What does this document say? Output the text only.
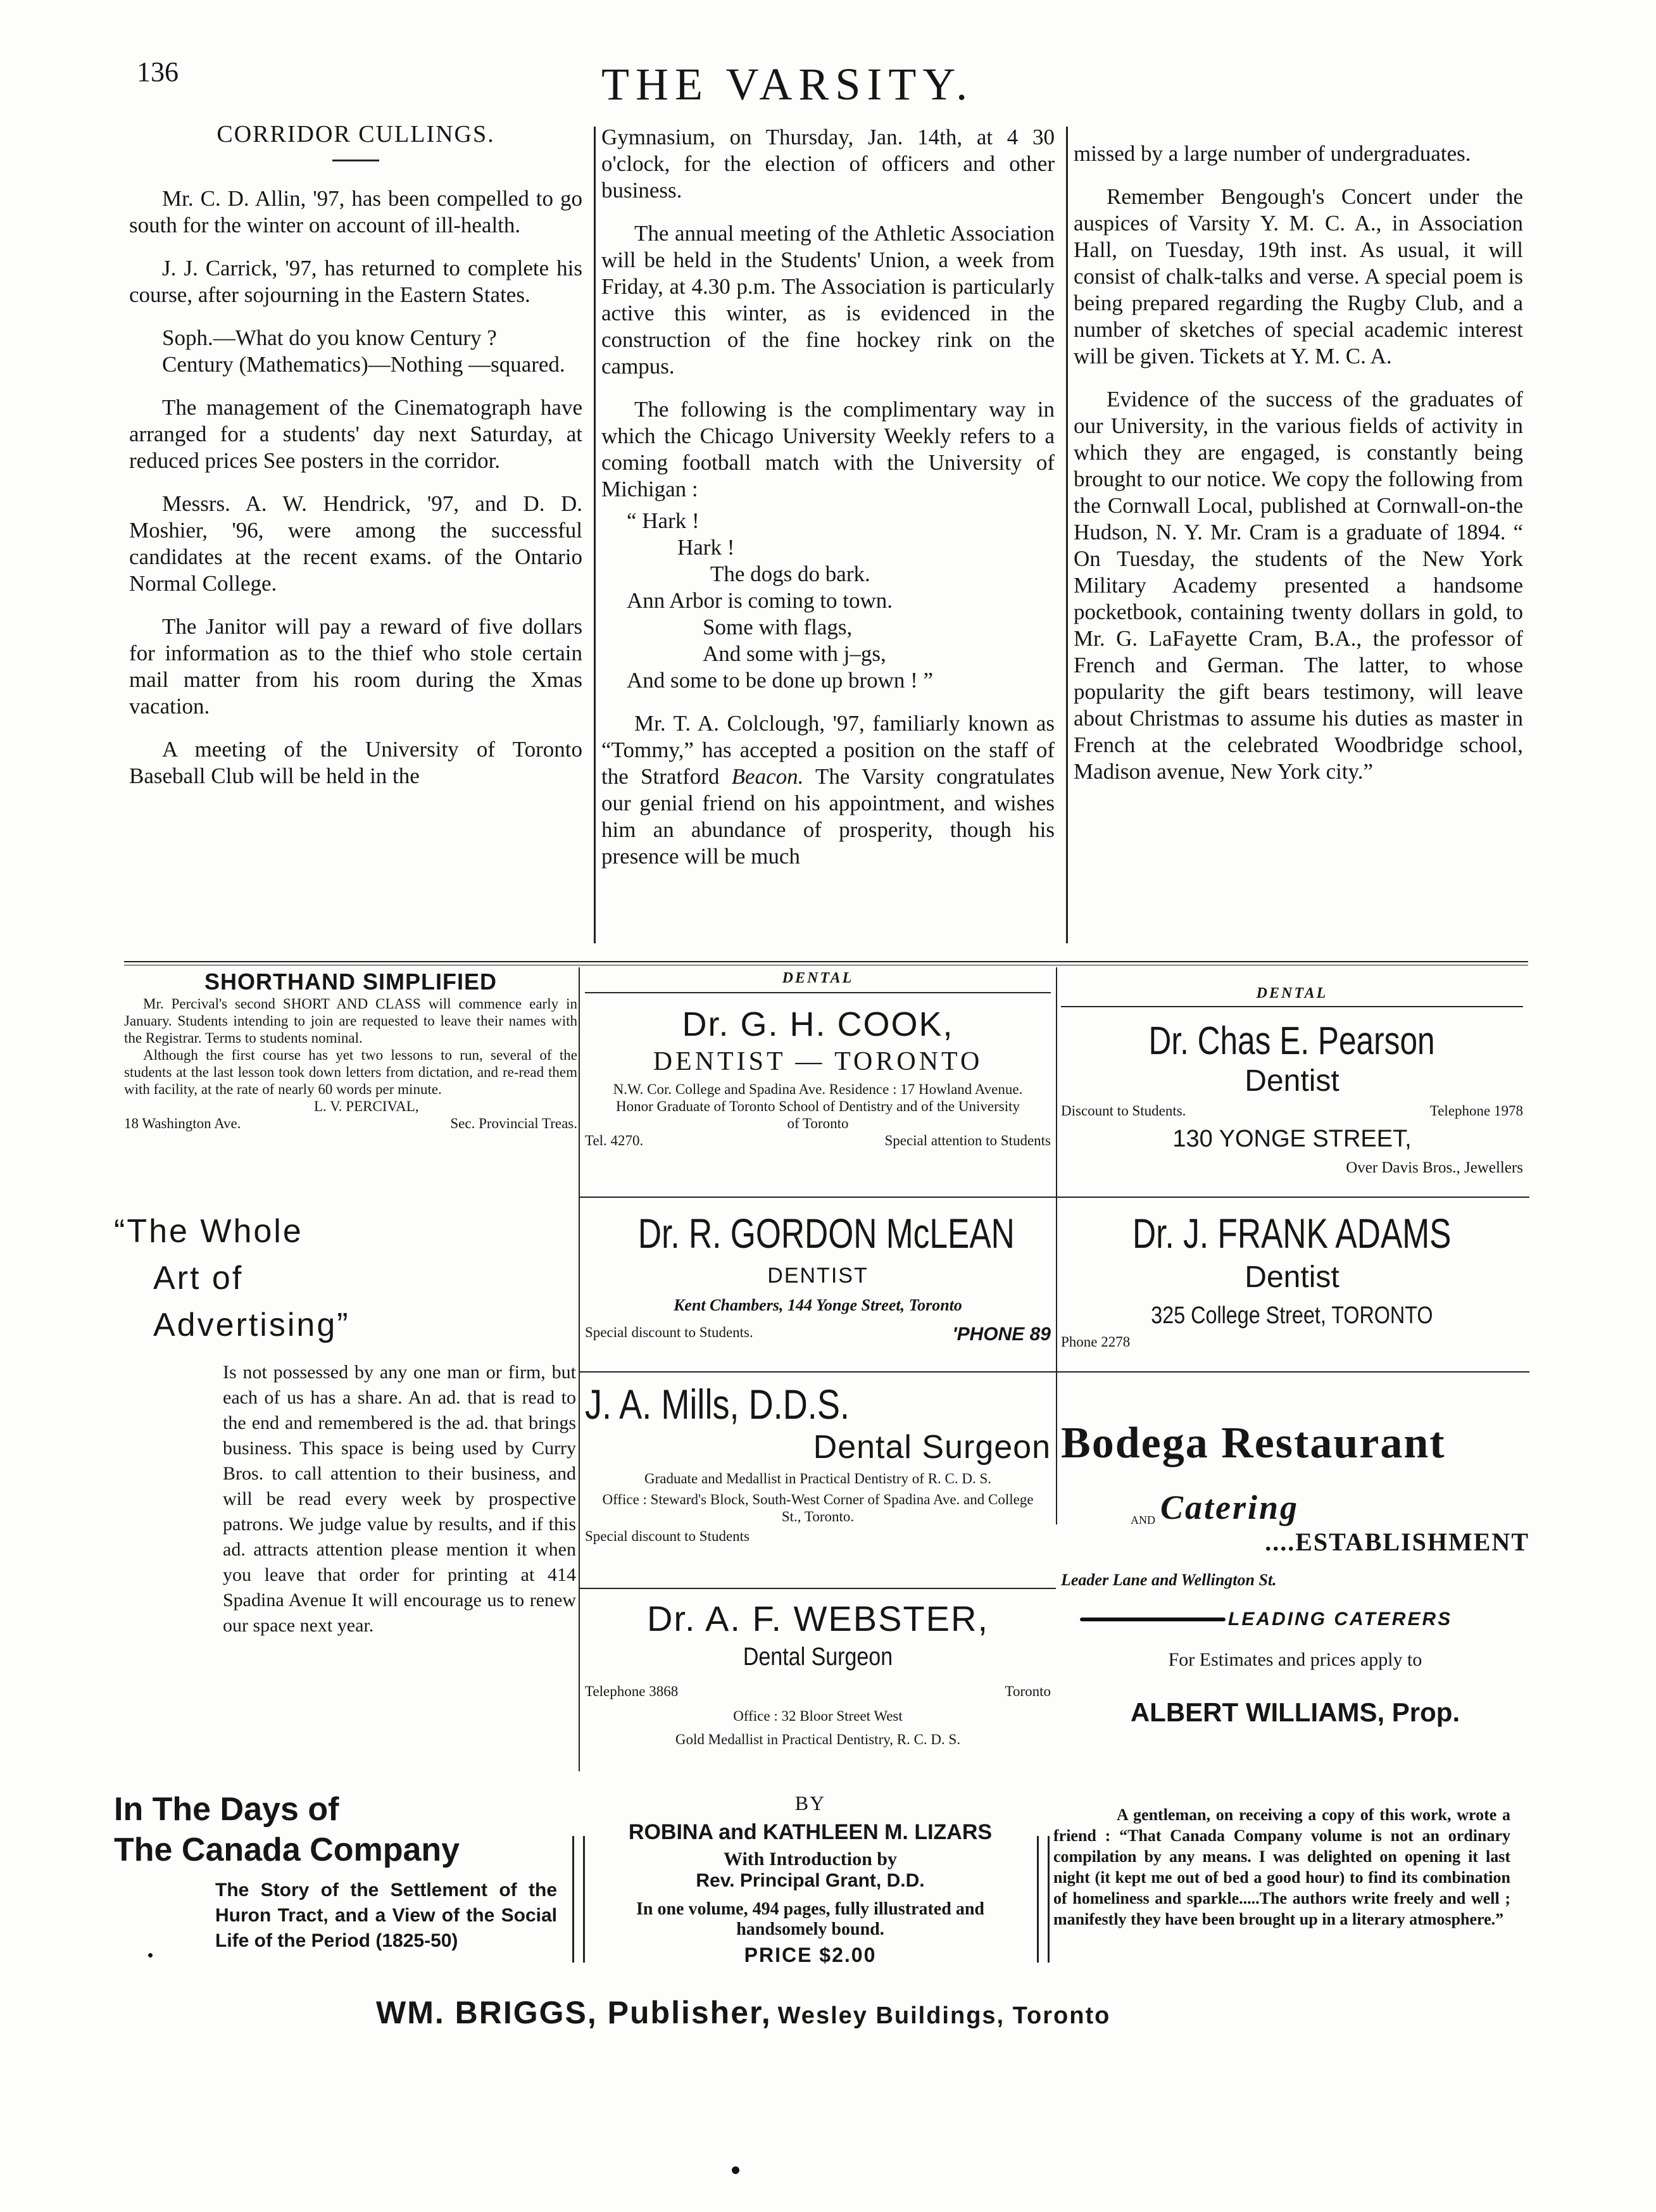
136	THE VARSITY.
CORRIDOR CULLINGS.

Mr. C. D. Allin, '97, has been compelled to go south for the winter on account of ill-health.

J. J. Carrick, '97, has returned to complete his course, after sojourning in the Eastern States.

Soph.—What do you know Century ?

Century (Mathematics)—Nothing —squared.

The management of the Cinematograph have arranged for a students' day next Saturday, at reduced prices See posters in the corridor.

Messrs. A. W. Hendrick, '97, and D. D. Moshier, '96, were among the successful candidates at the recent exams. of the Ontario Normal College.

The Janitor will pay a reward of five dollars for information as to the thief who stole certain mail matter from his room during the Xmas vacation.

A meeting of the University of Toronto Baseball Club will be held in the

Gymnasium, on Thursday, Jan. 14th, at 4 30 o'clock, for the election of officers and other business.

The annual meeting of the Athletic Association will be held in the Students' Union, a week from Friday, at 4.30 p.m. The Association is particularly active this winter, as is evidenced in the construction of the fine hockey rink on the campus.

The following is the complimentary way in which the Chicago University Weekly refers to a coming football match with the University of Michigan :

“ Hark !
Hark !
The dogs do bark.
Ann Arbor is coming to town.
Some with flags,
And some with j–gs,
And some to be done up brown ! ”

Mr. T. A. Colclough, '97, familiarly known as “Tommy,” has accepted a position on the staff of the Stratford Beacon. The Varsity congratulates our genial friend on his appointment, and wishes him an abundance of prosperity, though his presence will be much

missed by a large number of undergraduates.

Remember Bengough's Concert under the auspices of Varsity Y. M. C. A., in Association Hall, on Tuesday, 19th inst. As usual, it will consist of chalk-talks and verse. A special poem is being prepared regarding the Rugby Club, and a number of sketches of special academic interest will be given. Tickets at Y. M. C. A.

Evidence of the success of the graduates of our University, in the various fields of activity in which they are engaged, is constantly being brought to our notice. We copy the following from the Cornwall Local, published at Cornwall-on-the Hudson, N. Y. Mr. Cram is a graduate of 1894. “ On Tuesday, the students of the New York Military Academy presented a handsome pocketbook, containing twenty dollars in gold, to Mr. G. LaFayette Cram, B.A., the professor of French and German. The latter, to whose popularity the gift bears testimony, will leave about Christmas to assume his duties as master in French at the celebrated Woodbridge school, Madison avenue, New York city.”

SHORTHAND SIMPLIFIED
Mr. Percival's second SHORT AND CLASS will commence early in January. Students intending to join are requested to leave their names with the Registrar. Terms to students nominal.
Although the first course has yet two lessons to run, several of the students at the last lesson took down letters from dictation, and re-read them with facility, at the rate of nearly 60 words per minute.
L. V. PERCIVAL,
18 Washington Ave.	Sec. Provincial Treas.
“The Whole
Art of
Advertising”
Is not possessed by any one man or firm, but each of us has a share. An ad. that is read to the end and remembered is the ad. that brings business. This space is being used by Curry Bros. to call attention to their business, and will be read every week by prospective patrons. We judge value by results, and if this ad. attracts attention please mention it when you leave that order for printing at 414 Spadina Avenue It will encourage us to renew our space next year.
DENTAL
Dr. G. H. COOK,
DENTIST — TORONTO
N.W. Cor. College and Spadina Ave. Residence : 17 Howland Avenue.
Honor Graduate of Toronto School of Dentistry and of the University of Toronto
Tel. 4270.	Special attention to Students
DENTAL
Dr. Chas E. Pearson
Dentist
Discount to Students.	Telephone 1978
130 YONGE STREET,
Over Davis Bros., Jewellers
Dr. R. GORDON McLEAN
DENTIST
Kent Chambers, 144 Yonge Street, Toronto
Special discount to Students.	'PHONE 89
Dr. J. FRANK ADAMS
Dentist
325 College Street, TORONTO
Phone 2278
J. A. Mills, D.D.S.
Dental Surgeon
Graduate and Medallist in Practical Dentistry of R. C. D. S.
Office : Steward's Block, South-West Corner of Spadina Ave. and College St., Toronto.
Special discount to Students
Dr. A. F. WEBSTER,
Dental Surgeon
Telephone 3868	Toronto
Office : 32 Bloor Street West
Gold Medallist in Practical Dentistry, R. C. D. S.
Bodega Restaurant
AND Catering
....ESTABLISHMENT
Leader Lane and Wellington St.
LEADING CATERERS
For Estimates and prices apply to
ALBERT WILLIAMS, Prop.
In The Days of
The Canada Company
The Story of the Settlement of the Huron Tract, and a View of the Social Life of the Period (1825-50)
BY
ROBINA and KATHLEEN M. LIZARS
With Introduction by
Rev. Principal Grant, D.D.
In one volume, 494 pages, fully illustrated and handsomely bound.
PRICE $2.00
A gentleman, on receiving a copy of this work, wrote a friend : “That Canada Company volume is not an ordinary compilation by any means. I was delighted on opening it last night (it kept me out of bed a good hour) to find its combination of homeliness and sparkle.....The authors write freely and well ; manifestly they have been brought up in a literary atmosphere.”
WM. BRIGGS, Publisher, Wesley Buildings, Toronto
